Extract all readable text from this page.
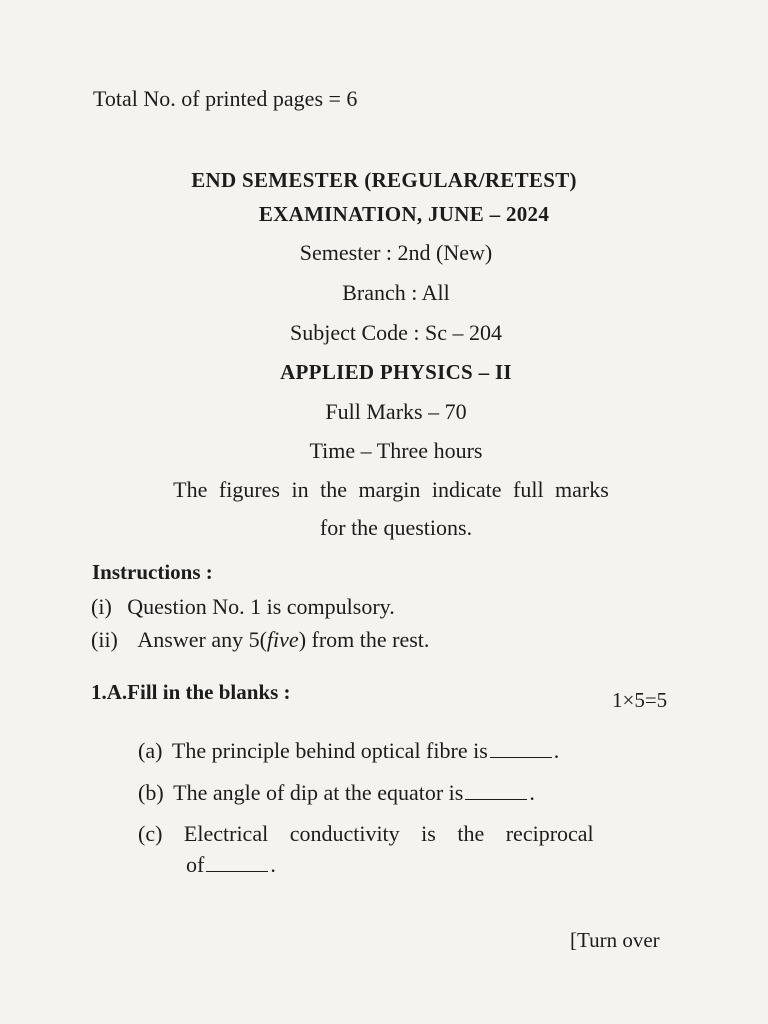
Total No. of printed pages = 6
END SEMESTER (REGULAR/RETEST)
EXAMINATION, JUNE – 2024
Semester : 2nd (New)
Branch : All
Subject Code : Sc – 204
APPLIED PHYSICS – II
Full Marks – 70
Time – Three hours
The figures in the margin indicate full marks
for the questions.
Instructions :
(i) Question No. 1 is compulsory.
(ii) Answer any 5(five) from the rest.
1.A.Fill in the blanks :	1×5=5
(a) The principle behind optical fibre is	.
(b) The angle of dip at the equator is	.
(c) Electrical conductivity is the reciprocal
of	.
[Turn over
